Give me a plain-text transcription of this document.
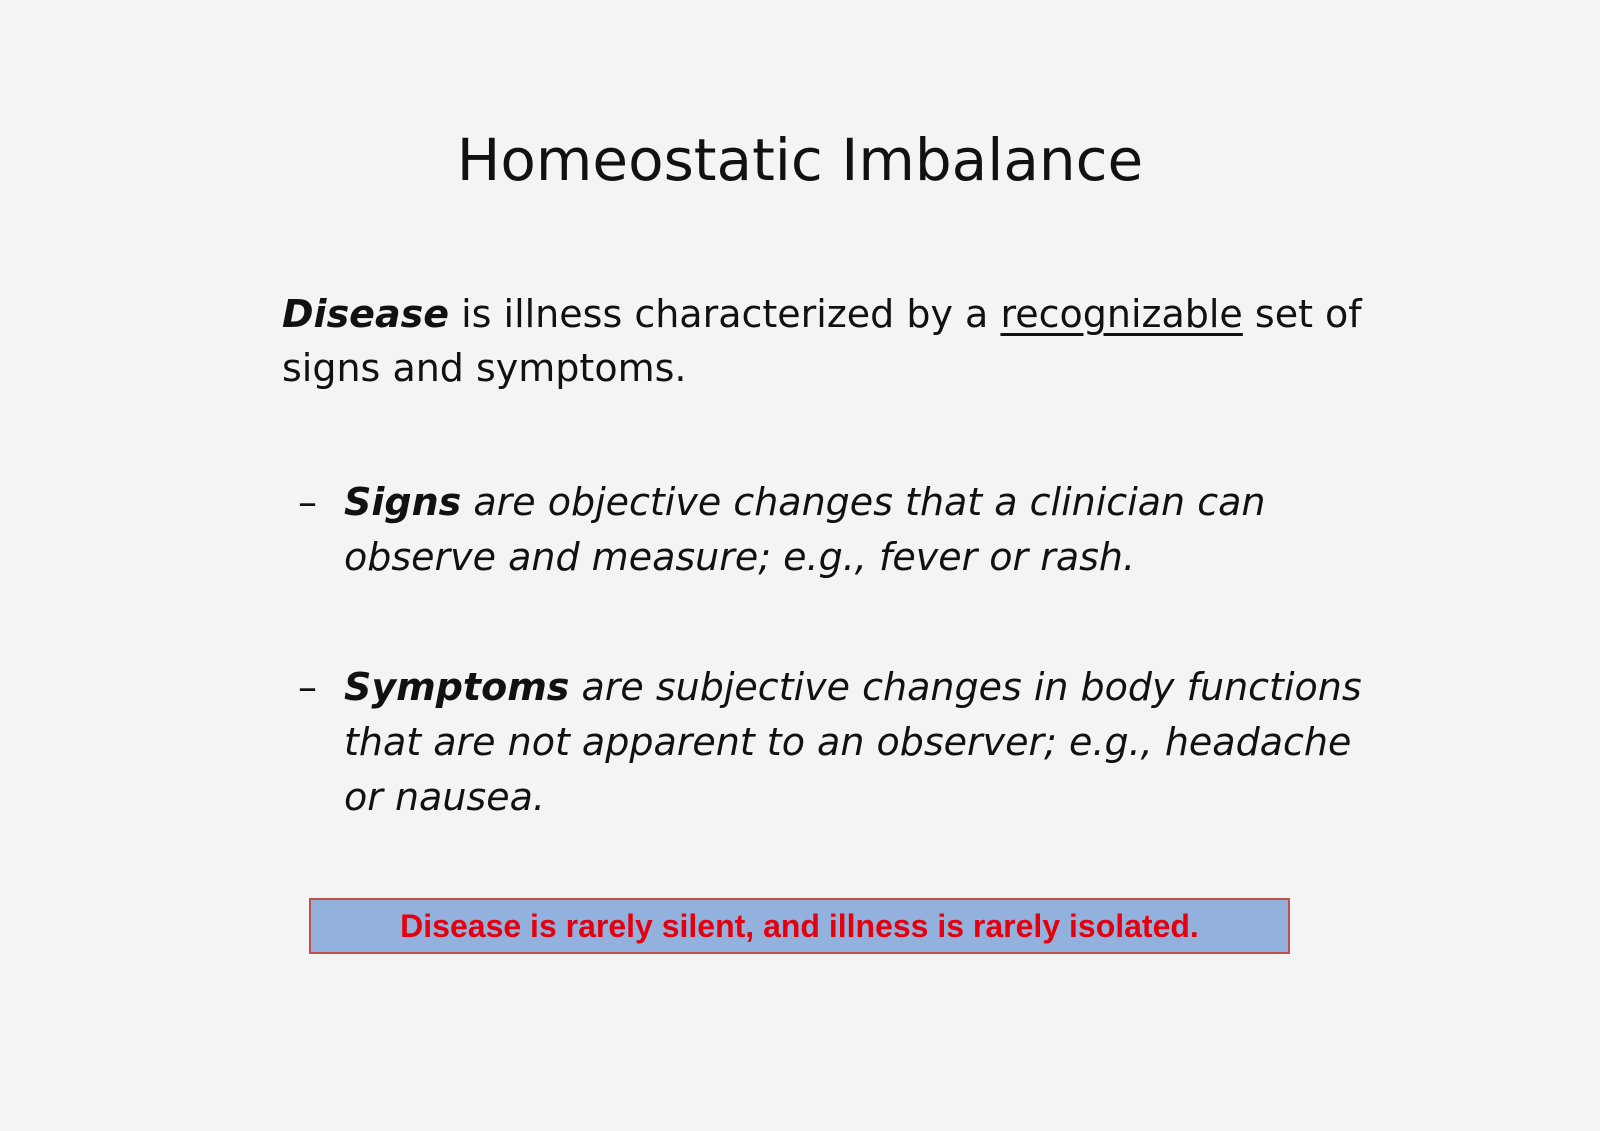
Homeostatic Imbalance

Disease is illness characterized by a recognizable set of signs and symptoms.

– Signs are objective changes that a clinician can observe and measure; e.g., fever or rash.

– Symptoms are subjective changes in body functions that are not apparent to an observer; e.g., headache or nausea.

Disease is rarely silent, and illness is rarely isolated.
